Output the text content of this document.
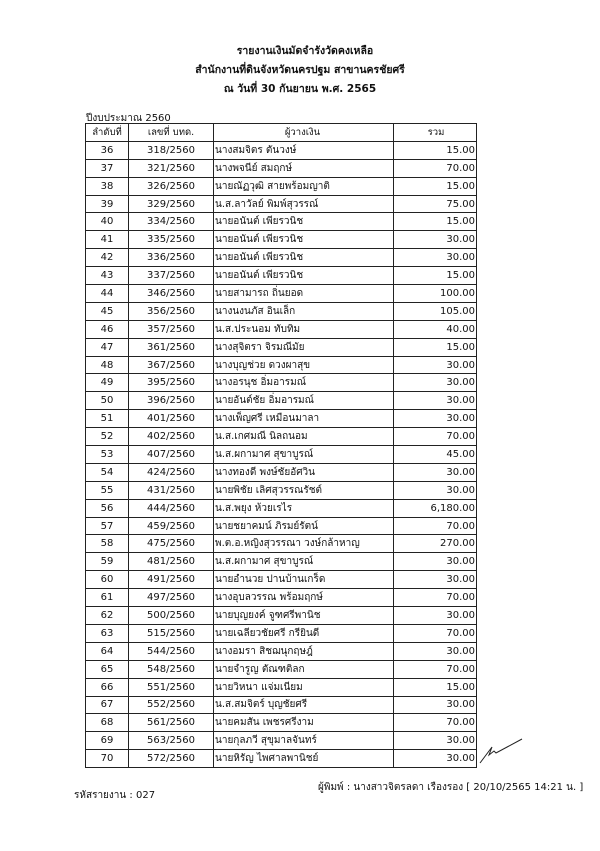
รายงานเงินมัดจำรังวัดคงเหลือ
สำนักงานที่ดินจังหวัดนครปฐม สาขานครชัยศรี
ณ วันที่ 30 กันยายน พ.ศ. 2565
ปีงบประมาณ 2560
ลำดับที่	เลขที่ บทด.	ผู้วางเงิน	รวม
36	318/2560	นางสมจิตร ตันวงษ์	15.00
37	321/2560	นางพจนีย์ สมฤกษ์	70.00
38	326/2560	นายณัฏวุฒิ สายพร้อมญาติ	15.00
39	329/2560	น.ส.ลาวัลย์ พิมพ์สุวรรณ์	75.00
40	334/2560	นายอนันต์ เพียรวนิช	15.00
41	335/2560	นายอนันต์ เพียรวนิช	30.00
42	336/2560	นายอนันต์ เพียรวนิช	30.00
43	337/2560	นายอนันต์ เพียรวนิช	15.00
44	346/2560	นายสามารถ ถิ่นยอด	100.00
45	356/2560	นางนงนภัส อินเล็ก	105.00
46	357/2560	น.ส.ประนอม ทับทิม	40.00
47	361/2560	นางสุจิตรา จิรมณีมัย	15.00
48	367/2560	นางบุญช่วย ดวงผาสุข	30.00
49	395/2560	นางอรนุช อิ่มอารมณ์	30.00
50	396/2560	นายอันต์ชัย อิ่มอารมณ์	30.00
51	401/2560	นางเพ็ญศรี เหมือนมาลา	30.00
52	402/2560	น.ส.เกศมณี นิลถนอม	70.00
53	407/2560	น.ส.ผกามาศ สุขาบูรณ์	45.00
54	424/2560	นางทองดี พงษ์ชัยอัศวิน	30.00
55	431/2560	นายพิชัย เลิศสุวรรณรัชต์	30.00
56	444/2560	น.ส.พยุง ห้วยเรไร	6,180.00
57	459/2560	นายชยาคมน์ ภิรมย์รัตน์	70.00
58	475/2560	พ.ต.อ.หญิงสุวรรณา วงษ์กล้าหาญ	270.00
59	481/2560	น.ส.ผกามาศ สุขาบูรณ์	30.00
60	491/2560	นายอำนวย ปานบ้านเกร็ด	30.00
61	497/2560	นางอุบลวรรณ พร้อมฤกษ์	70.00
62	500/2560	นายบุญยงค์ จูฑศรีพานิช	30.00
63	515/2560	นายเฉลียวชัยศรี กรียินดี	70.00
64	544/2560	นางอมรา สิชฌนุกฤษฎ์	30.00
65	548/2560	นายจำรูญ ตัณฑติลก	70.00
66	551/2560	นายวิหนา แจ่มเนียม	15.00
67	552/2560	น.ส.สมจิตร์ บุญชัยศรี	30.00
68	561/2560	นายคมสัน เพชรศรีงาม	70.00
69	563/2560	นายกุลภวี สุขุมาลจันทร์	30.00
70	572/2560	นายหิรัญ ไพศาลพานิชย์	30.00
รหัสรายงาน : 027
ผู้พิมพ์ : นางสาวจิตรลดา เรืองรอง [ 20/10/2565 14:21 น. ]
